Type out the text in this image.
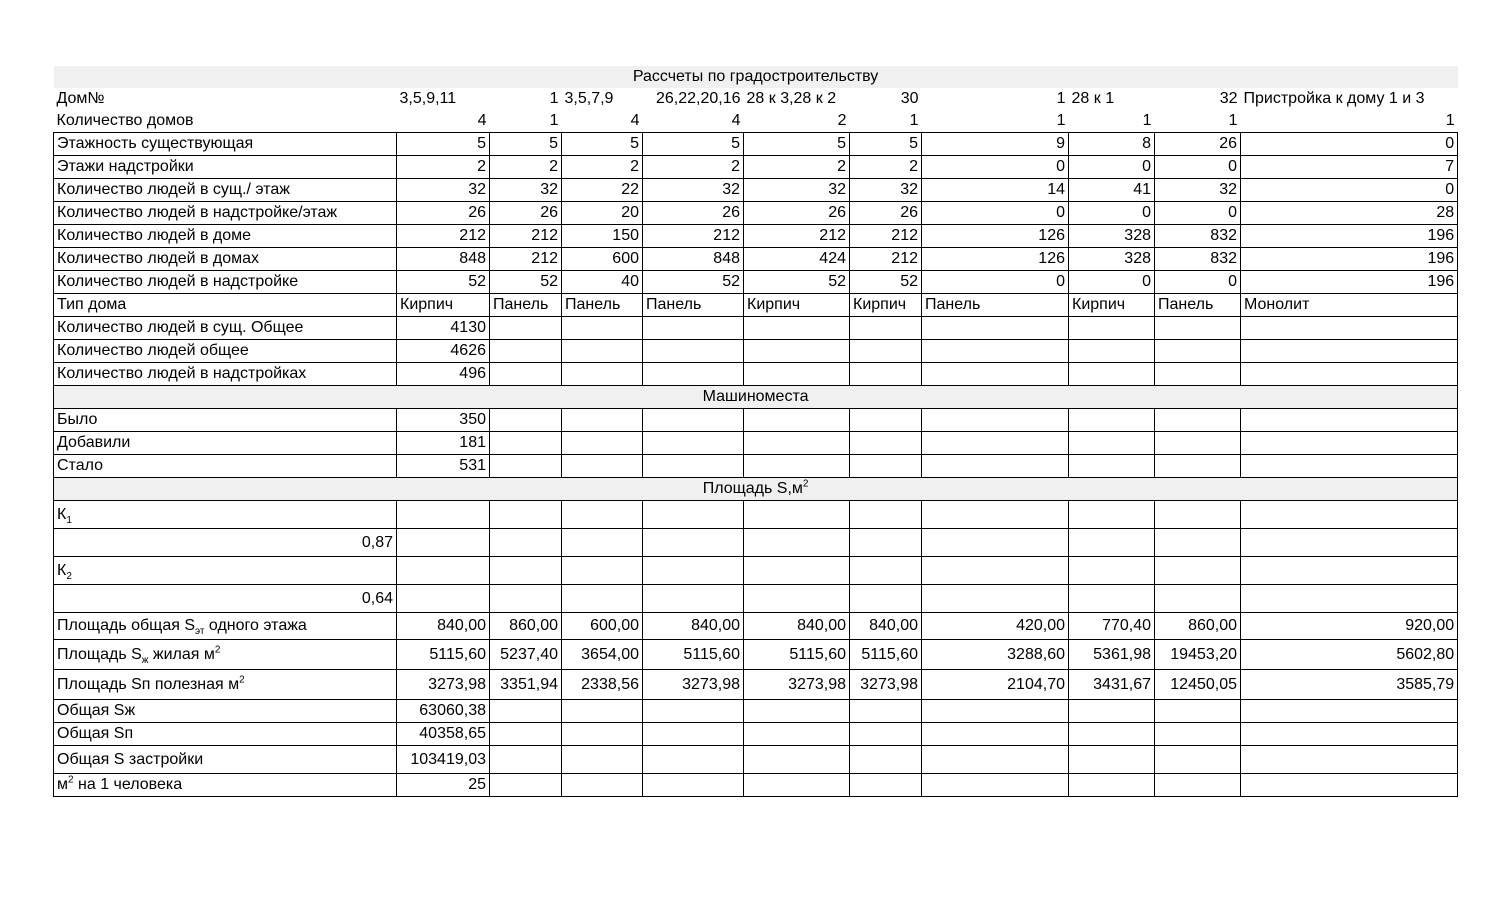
Рассчеты по градостроительству										
Дом№	3,5,9,11	1	3,5,7,9	26,22,20,16	28 к 3,28 к 2	30	1	28 к 1	32	Пристройка к дому 1 и 3
Количество домов	4	1	4	4	2	1	1	1	1	1
Этажность существующая	5	5	5	5	5	5	9	8	26	0
Этажи надстройки	2	2	2	2	2	2	0	0	0	7
Количество людей в сущ./ этаж	32	32	22	32	32	32	14	41	32	0
Количество людей в надстройке/этаж	26	26	20	26	26	26	0	0	0	28
Количество людей в доме	212	212	150	212	212	212	126	328	832	196
Количество людей в домах	848	212	600	848	424	212	126	328	832	196
Количество людей в надстройке	52	52	40	52	52	52	0	0	0	196
Тип дома	Кирпич	Панель	Панель	Панель	Кирпич	Кирпич	Панель	Кирпич	Панель	Монолит
Количество людей в сущ. Общее	4130									
Количество людей общее	4626									
Количество людей в надстройках	496									
Машиноместа										
Было	350									
Добавили	181									
Стало	531									
Площадь $S,м^2$
$К_1$										
0,87										
$К_2$										
0,64										
Площадь общая $S_{эт}$ одного этажа	840,00	860,00	600,00	840,00	840,00	840,00	420,00	770,40	860,00	920,00
Площадь $S_ж$ жилая $м^2$	5115,60	5237,40	3654,00	5115,60	5115,60	5115,60	3288,60	5361,98	19453,20	5602,80
Площадь Sп полезная $м^2$	3273,98	3351,94	2338,56	3273,98	3273,98	3273,98	2104,70	3431,67	12450,05	3585,79
Общая Sж	63060,38									
Общая Sп	40358,65									
Общая S застройки	103419,03									
$м^2$ на 1 человека	25									
